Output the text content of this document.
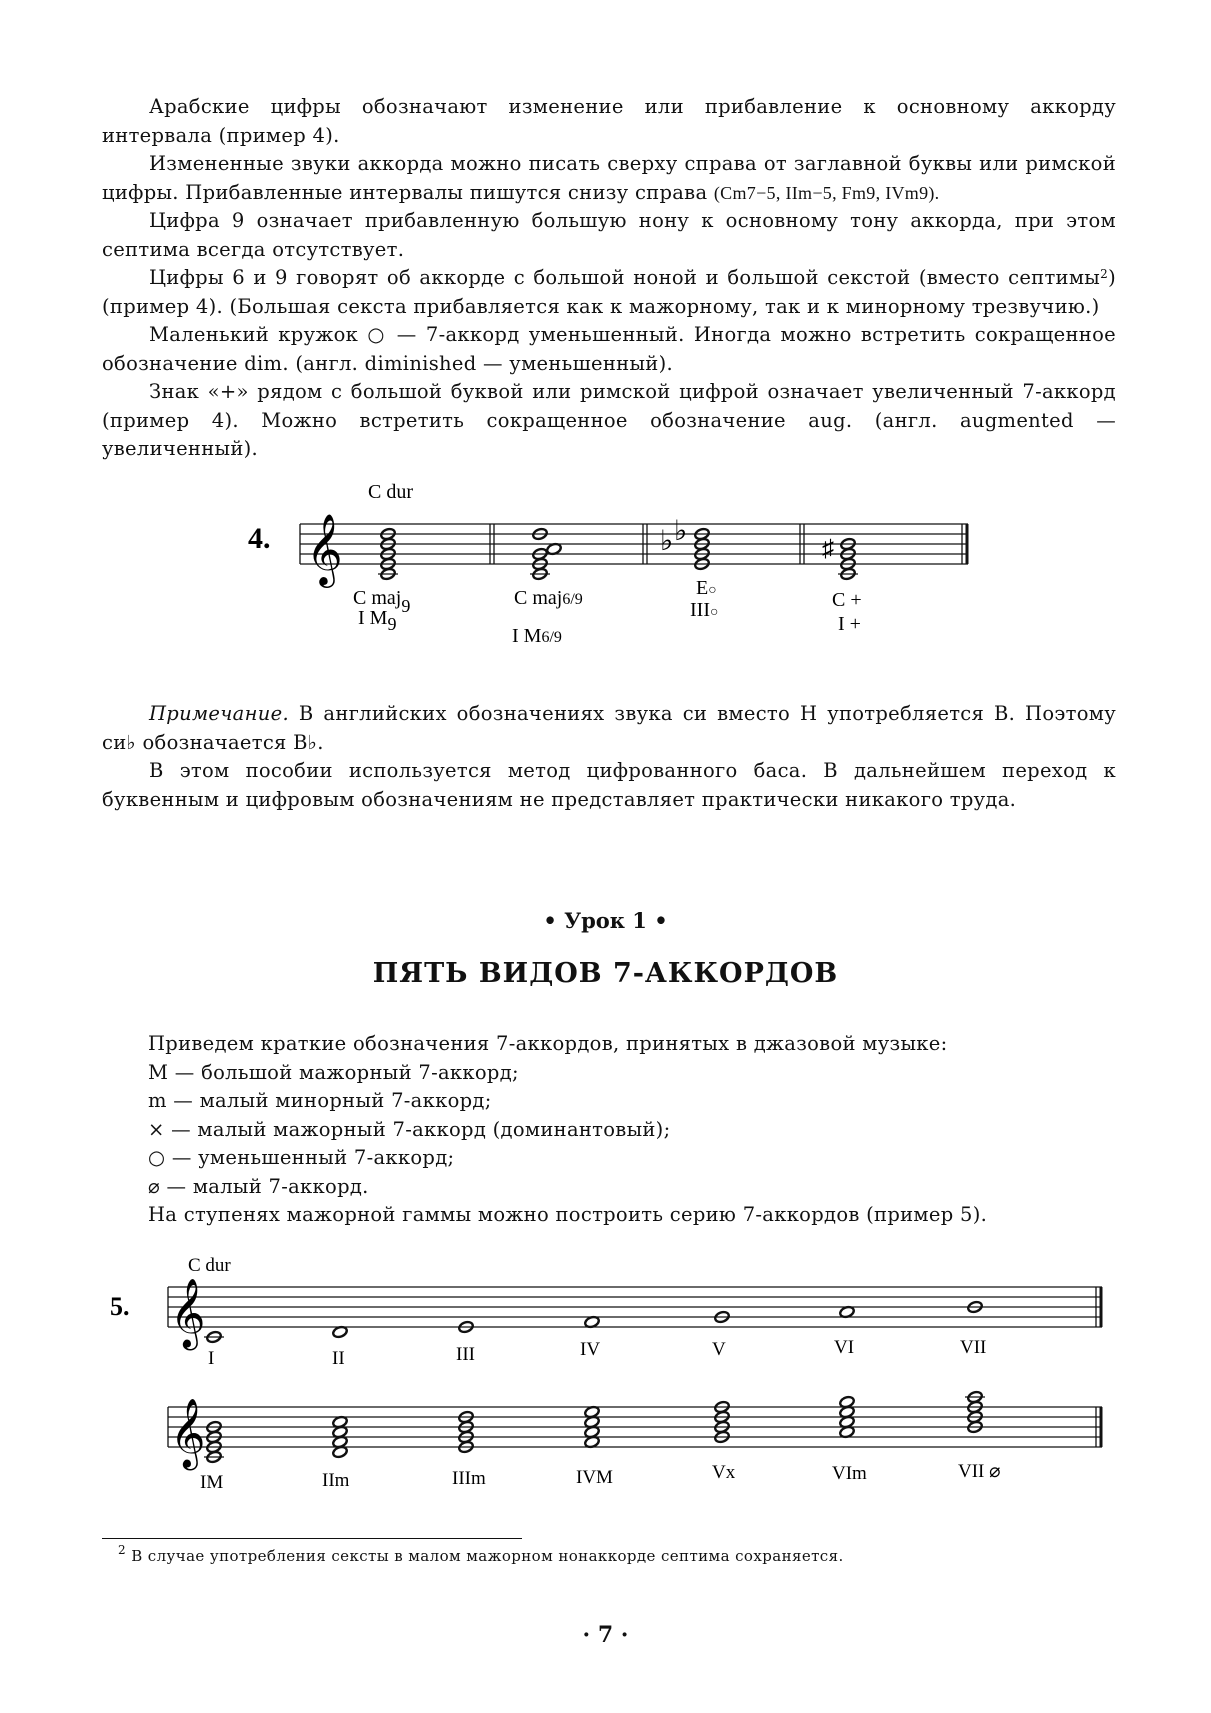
Арабские цифры обозначают изменение или прибавление к основному аккорду интервала (пример 4).

Измененные звуки аккорда можно писать сверху справа от заглавной буквы или римской цифры. Прибавленные интервалы пишутся снизу справа (Cm7−5, IIm−5, Fm9, IVm9).

Цифра 9 означает прибавленную большую нону к основному тону аккорда, при этом септима всегда отсутствует.

Цифры 6 и 9 говорят об аккорде с большой ноной и большой секстой (вместо септимы$^2$) (пример 4). (Большая секста прибавляется как к мажорному, так и к минорному трезвучию.)

Маленький кружок ○ — 7-аккорд уменьшенный. Иногда можно встретить сокращенное обозначение dim. (англ. diminished — уменьшенный).

Знак «+» рядом с большой буквой или римской цифрой означает увеличенный 7-аккорд (пример 4). Можно встретить сокращенное обозначение aug. (англ. augmented — увеличенный).

4.
C dur
𝄞	♭ ♭
♯
C maj9
I M9
C maj6/9
I M6/9
E○
III○
C +
I +

Примечание. В английских обозначениях звука си вместо H употребляется B. Поэтому си♭ обозначается B♭.

В этом пособии используется метод цифрованного баса. В дальнейшем переход к буквенным и цифровым обозначениям не представляет практически никакого труда.

• Урок 1 •
ПЯТЬ ВИДОВ 7-АККОРДОВ
Приведем краткие обозначения 7-аккордов, принятых в джазовой музыке:
M — большой мажорный 7-аккорд;
m — малый минорный 7-аккорд;
× — малый мажорный 7-аккорд (доминантовый);
○ — уменьшенный 7-аккорд;
⌀ — малый 7-аккорд.
На ступенях мажорной гаммы можно построить серию 7-аккордов (пример 5).
5.
C dur
𝄞
I	II	III	IV	V	VI	VII
𝄞
IM	IIm	IIIm	IVM	Vx	VIm	VII ⌀
$^2$ В случае употребления сексты в малом мажорном нонаккорде септима сохраняется.
· 7 ·
